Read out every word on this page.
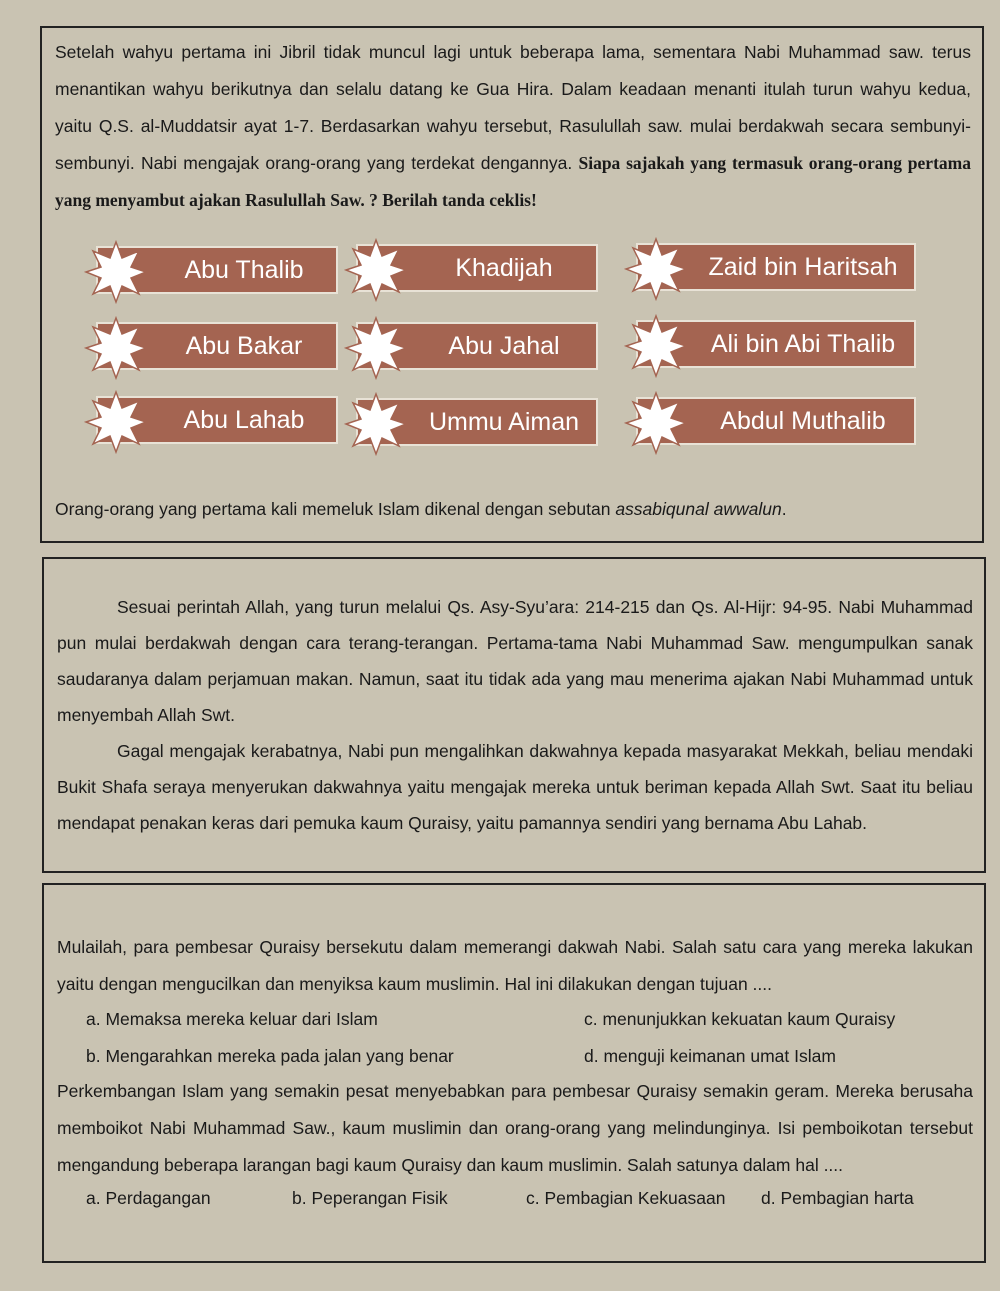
Setelah wahyu pertama ini Jibril tidak muncul lagi untuk beberapa lama, sementara Nabi Muhammad saw. terus menantikan wahyu berikutnya dan selalu datang ke Gua Hira. Dalam keadaan menanti itulah turun wahyu kedua, yaitu Q.S. al-Muddatsir ayat 1-7. Berdasarkan wahyu tersebut, Rasulullah saw. mulai berdakwah secara sembunyi-sembunyi. Nabi mengajak orang-orang yang terdekat dengannya. Siapa sajakah yang termasuk orang-orang pertama yang menyambut ajakan Rasulullah Saw. ? Berilah tanda ceklis!
Abu Thalib	Khadijah	Zaid bin Haritsah
Abu Bakar	Abu Jahal	Ali bin Abi Thalib
Abu Lahab	Ummu Aiman	Abdul Muthalib
Orang-orang yang pertama kali memeluk Islam dikenal dengan sebutan assabiqunal awwalun.
Sesuai perintah Allah, yang turun melalui Qs. Asy-Syu’ara: 214-215 dan Qs. Al-Hijr: 94-95. Nabi Muhammad pun mulai berdakwah dengan cara terang-terangan. Pertama-tama Nabi Muhammad Saw. mengumpulkan sanak saudaranya dalam perjamuan makan. Namun, saat itu tidak ada yang mau menerima ajakan Nabi Muhammad untuk menyembah Allah Swt.
Gagal mengajak kerabatnya, Nabi pun mengalihkan dakwahnya kepada masyarakat Mekkah, beliau mendaki Bukit Shafa seraya menyerukan dakwahnya yaitu mengajak mereka untuk beriman kepada Allah Swt. Saat itu beliau mendapat penakan keras dari pemuka kaum Quraisy, yaitu pamannya sendiri yang bernama Abu Lahab.
Mulailah, para pembesar Quraisy bersekutu dalam memerangi dakwah Nabi. Salah satu cara yang mereka lakukan yaitu dengan mengucilkan dan menyiksa kaum muslimin. Hal ini dilakukan dengan tujuan ....
a. Memaksa mereka keluar dari Islam	c. menunjukkan kekuatan kaum Quraisy
b. Mengarahkan mereka pada jalan yang benar	d. menguji keimanan umat Islam
Perkembangan Islam yang semakin pesat menyebabkan para pembesar Quraisy semakin geram. Mereka berusaha memboikot Nabi Muhammad Saw., kaum muslimin dan orang-orang yang melindunginya. Isi pemboikotan tersebut mengandung beberapa larangan bagi kaum Quraisy dan kaum muslimin. Salah satunya dalam hal ....
a. Perdagangan	b. Peperangan Fisik	c. Pembagian Kekuasaan d. Pembagian harta
